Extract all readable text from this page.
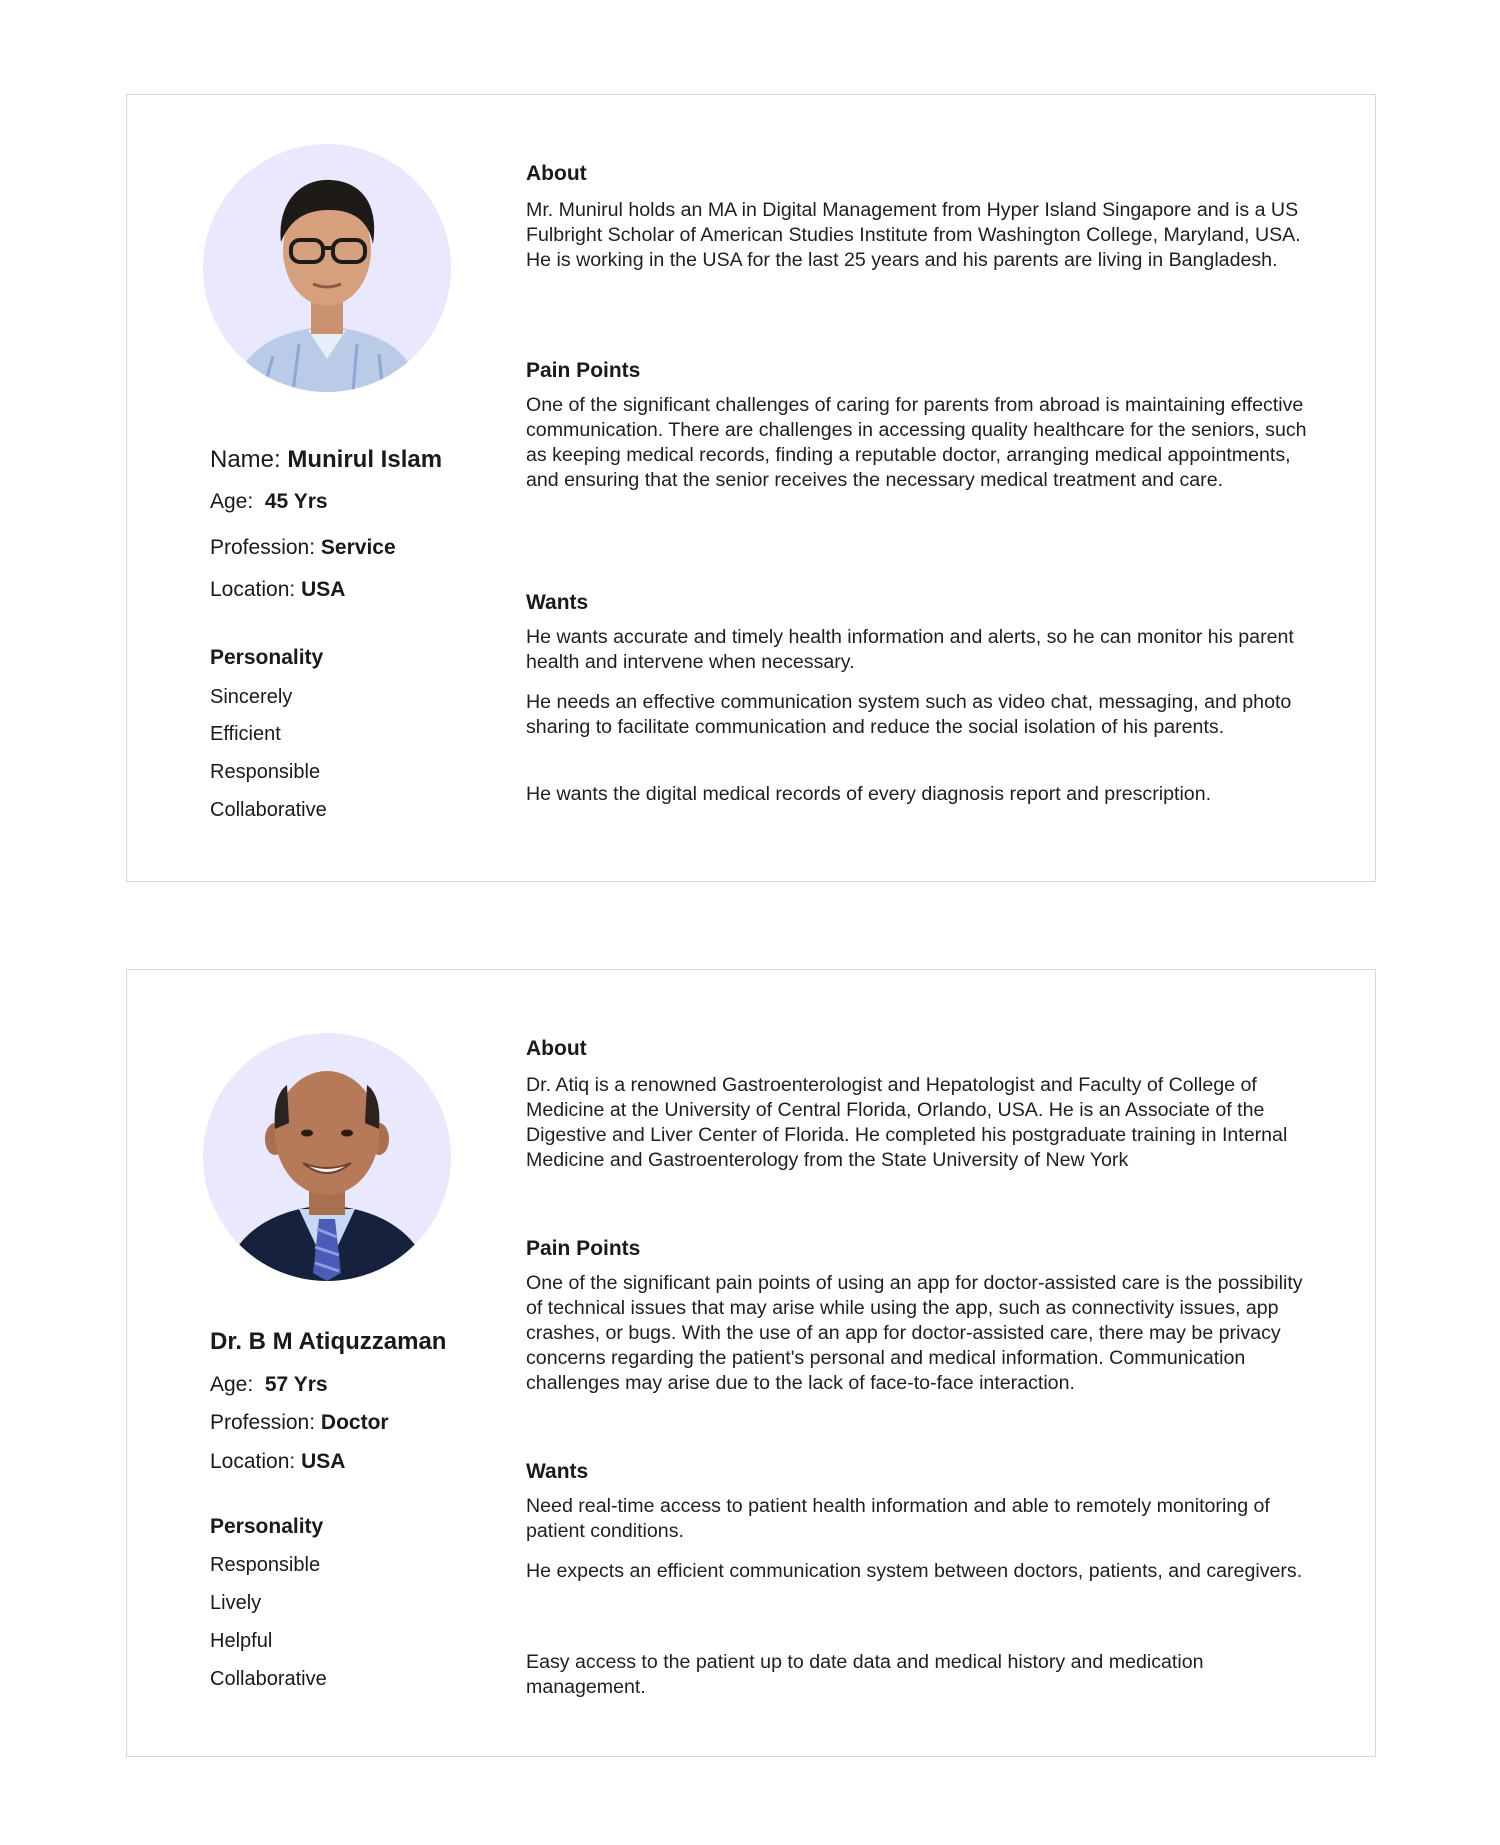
Name: Munirul Islam
Age: 45 Yrs
Profession: Service
Location: USA
Personality
Sincerely
Efficient
Responsible
Collaborative
About

Mr. Munirul holds an MA in Digital Management from Hyper Island Singapore and is a US Fulbright Scholar of American Studies Institute from Washington College, Maryland, USA. He is working in the USA for the last 25 years and his parents are living in Bangladesh.

Pain Points

One of the significant challenges of caring for parents from abroad is maintaining effective communication. There are challenges in accessing quality healthcare for the seniors, such as keeping medical records, finding a reputable doctor, arranging medical appointments, and ensuring that the senior receives the necessary medical treatment and care.

Wants

He wants accurate and timely health information and alerts, so he can monitor his parent health and intervene when necessary.

He needs an effective communication system such as video chat, messaging, and photo sharing to facilitate communication and reduce the social isolation of his parents.

He wants the digital medical records of every diagnosis report and prescription.

Dr. B M Atiquzzaman
Age: 57 Yrs
Profession: Doctor
Location: USA
Personality
Responsible
Lively
Helpful
Collaborative
About

Dr. Atiq is a renowned Gastroenterologist and Hepatologist and Faculty of College of Medicine at the University of Central Florida, Orlando, USA. He is an Associate of the Digestive and Liver Center of Florida. He completed his postgraduate training in Internal Medicine and Gastroenterology from the State University of New York

Pain Points

One of the significant pain points of using an app for doctor-assisted care is the possibility of technical issues that may arise while using the app, such as connectivity issues, app crashes, or bugs. With the use of an app for doctor-assisted care, there may be privacy concerns regarding the patient's personal and medical information. Communication challenges may arise due to the lack of face-to-face interaction.

Wants

Need real-time access to patient health information and able to remotely monitoring of patient conditions.

He expects an efficient communication system between doctors, patients, and caregivers.

Easy access to the patient up to date data and medical history and medication management.
